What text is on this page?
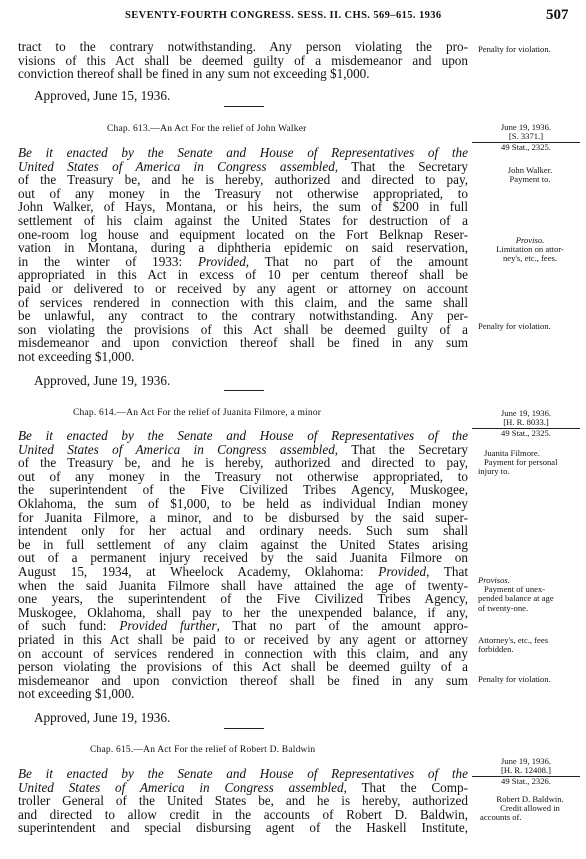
SEVENTY-FOURTH CONGRESS. SESS. II. CHS. 569–615. 1936	507
tract to the contrary notwithstanding. Any person violating the pro-
visions of this Act shall be deemed guilty of a misdemeanor and upon
conviction thereof shall be fined in any sum not exceeding $1,000.
Approved, June 15, 1936.
Penalty for violation.
Chap. 613.—An Act For the relief of John Walker	June 19, 1936.
[S. 3371.]
49 Stat., 2325.
Be it enacted by the Senate and House of Representatives of the
United States of America in Congress assembled, That the Secretary
of the Treasury be, and he is hereby, authorized and directed to pay,
out of any money in the Treasury not otherwise appropriated, to
John Walker, of Hays, Montana, or his heirs, the sum of $200 in full
settlement of his claim against the United States for destruction of a
one-room log house and equipment located on the Fort Belknap Reser-
vation in Montana, during a diphtheria epidemic on said reservation,
in the winter of 1933: Provided, That no part of the amount
appropriated in this Act in excess of 10 per centum thereof shall be
paid or delivered to or received by any agent or attorney on account
of services rendered in connection with this claim, and the same shall
be unlawful, any contract to the contrary notwithstanding. Any per-
son violating the provisions of this Act shall be deemed guilty of a
misdemeanor and upon conviction thereof shall be fined in any sum
not exceeding $1,000.
Approved, June 19, 1936.
John Walker.
Payment to.
Proviso.
Limitation on attor-
ney's, etc., fees.
Penalty for violation.
Chap. 614.—An Act For the relief of Juanita Filmore, a minor	June 19, 1936.
[H. R. 8033.]
49 Stat., 2325.
Be it enacted by the Senate and House of Representatives of the
United States of America in Congress assembled, That the Secretary
of the Treasury be, and he is hereby, authorized and directed to pay,
out of any money in the Treasury not otherwise appropriated, to
the superintendent of the Five Civilized Tribes Agency, Muskogee,
Oklahoma, the sum of $1,000, to be held as individual Indian money
for Juanita Filmore, a minor, and to be disbursed by the said super-
intendent only for her actual and ordinary needs. Such sum shall
be in full settlement of any claim against the United States arising
out of a permanent injury received by the said Juanita Filmore on
August 15, 1934, at Wheelock Academy, Oklahoma: Provided, That
when the said Juanita Filmore shall have attained the age of twenty-
one years, the superintendent of the Five Civilized Tribes Agency,
Muskogee, Oklahoma, shall pay to her the unexpended balance, if any,
of such fund: Provided further, That no part of the amount appro-
priated in this Act shall be paid to or received by any agent or attorney
on account of services rendered in connection with this claim, and any
person violating the provisions of this Act shall be deemed guilty of a
misdemeanor and upon conviction thereof shall be fined in any sum
not exceeding $1,000.
Approved, June 19, 1936.
Juanita Filmore.
Payment for personal
injury to.
Provisos.
Payment of unex-
pended balance at age
of twenty-one.
Attorney's, etc., fees
forbidden.
Penalty for violation.
Chap. 615.—An Act For the relief of Robert D. Baldwin
June 19, 1936.
[H. R. 12408.]
49 Stat., 2326.
Be it enacted by the Senate and House of Representatives of the
United States of America in Congress assembled, That the Comp-
troller General of the United States be, and he is hereby, authorized
and directed to allow credit in the accounts of Robert D. Baldwin,
superintendent and special disbursing agent of the Haskell Institute,
Robert D. Baldwin.
Credit allowed in
accounts of.
